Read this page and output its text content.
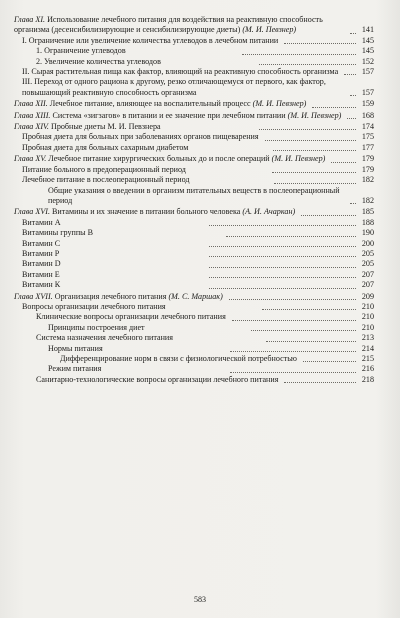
Глава XI. Использование лечебного питания для воздействия на реактивную способность организма (десенсибилизирующие и сенсибилизирующие диеты) (М. И. Певзнер)	141
I. Ограничение или увеличение количества углеводов в лечебном питании	145
1. Ограничение углеводов	145
2. Увеличение количества углеводов	152
II. Сырая растительная пища как фактор, влияющий на реактивную способность организма	157
III. Переход от одного рациона к другому, резко отличающемуся от первого, как фактор, повышающий реактивную способность организма	157
Глава XII. Лечебное питание, влияющее на воспалительный процесс (М. И. Певзнер)	159
Глава XIII. Система «зигзагов» в питании и ее значение при лечебном питании (М. И. Певзнер)	168
Глава XIV. Пробные диеты М. И. Певзнера	174
Пробная диета для больных при заболеваниях органов пищеварения	175
Пробная диета для больных сахарным диабетом	177
Глава XV. Лечебное питание хирургических больных до и после операций (М. И. Певзнер)	179
Питание больного в предоперационный период	179
Лечебное питание в послеоперационный период	182
Общие указания о введении в организм питательных веществ в послеоперационный период	182
Глава XVI. Витамины и их значение в питании больного человека (А. И. Ачаркан)	185
Витамин А	188
Витамины группы В	190
Витамин С	200
Витамин Р	205
Витамин D	205
Витамин Е	207
Витамин К	207
Глава XVII. Организация лечебного питания (М. С. Маршак)	209
Вопросы организации лечебного питания	210
Клинические вопросы организации лечебного питания	210
Принципы построения диет	210
Система назначения лечебного питания	213
Нормы питания	214
Дифференцирование норм в связи с физиологической потребностью	215
Режим питания	216
Санитарно-технологические вопросы организации лечебного питания	218
583
